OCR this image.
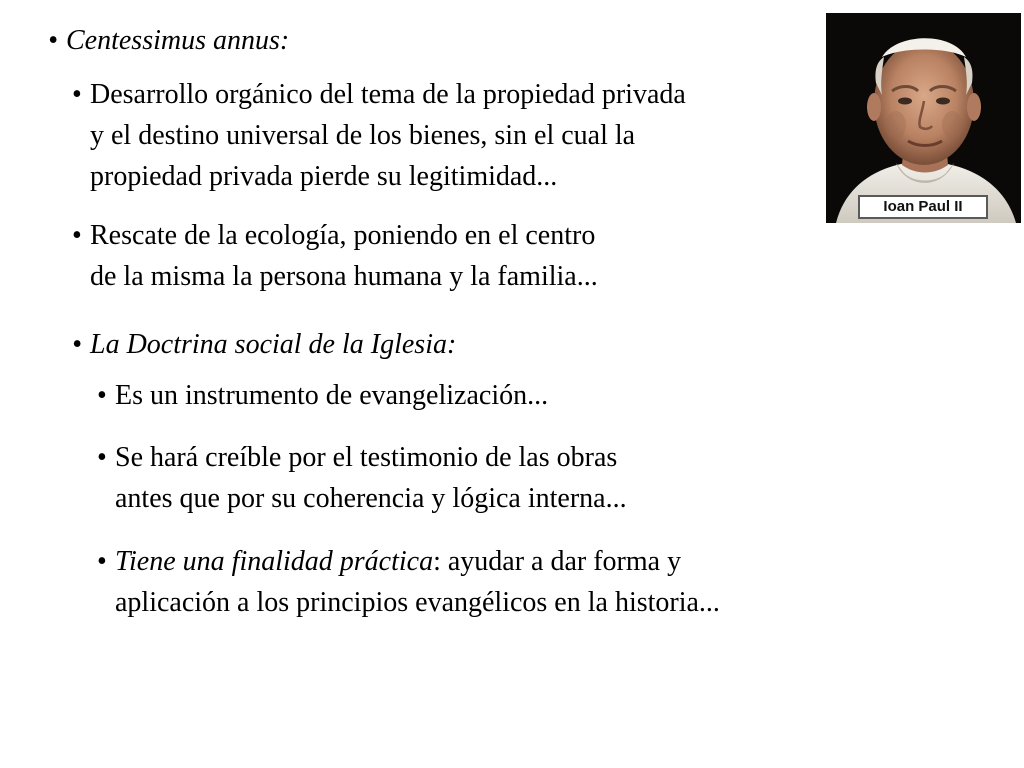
• Centessimus annus:
• Desarrollo orgánico del tema de la propiedad privada
y el destino universal de los bienes, sin el cual la
propiedad privada pierde su legitimidad...
• Rescate de la ecología, poniendo en el centro
de la misma la persona humana y la familia...
• La Doctrina social de la Iglesia:
• Es un instrumento de evangelización...
• Se hará creíble por el testimonio de las obras
antes que por su coherencia y lógica interna...
• Tiene una finalidad práctica: ayudar a dar forma y
aplicación a los principios evangélicos en la historia...
Ioan Paul II
